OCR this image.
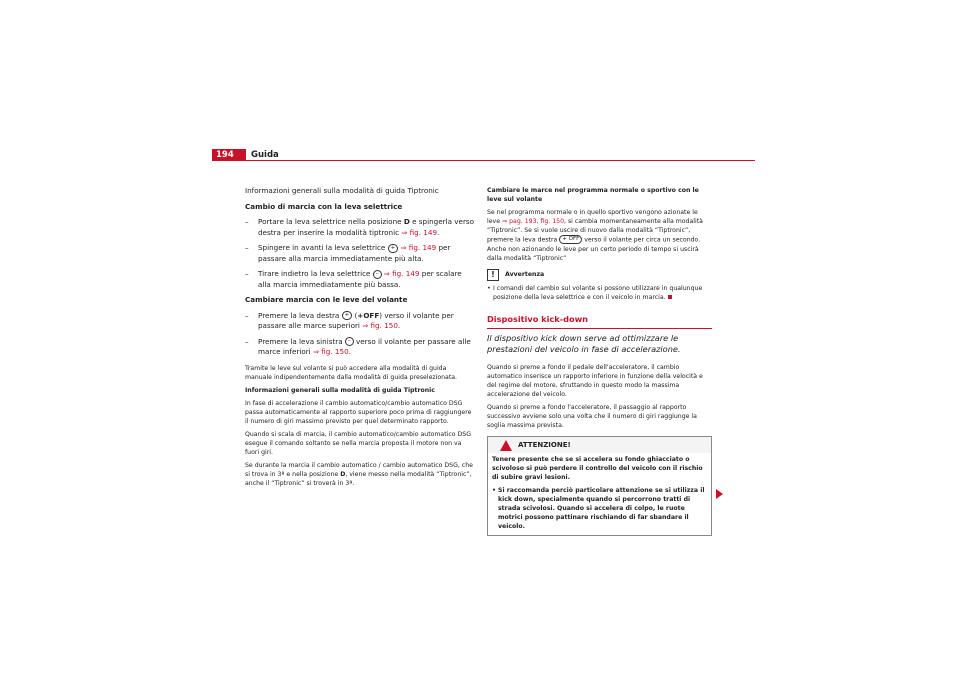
194	Guida

Informazioni generali sulla modalità di guida Tiptronic

Cambio di marcia con la leva selettrice

– Portare la leva selettrice nella posizione D e spingerla verso destra per inserire la modalità tiptronic ⇒ fig. 149.

– Spingere in avanti la leva selettrice + ⇒ fig. 149 per passare alla marcia immediatamente più alta.

– Tirare indietro la leva selettrice – ⇒ fig. 149 per scalare alla marcia immediatamente più bassa.

Cambiare marcia con le leve del volante

– Premere la leva destra + (+OFF) verso il volante per passare alle marce superiori ⇒ fig. 150.

– Premere la leva sinistra – verso il volante per passare alle marce inferiori ⇒ fig. 150.

Tramite le leve sul volante si può accedere alla modalità di guida manuale indipendentemente dalla modalità di guida preselezionata.

Informazioni generali sulla modalità di guida Tiptronic

In fase di accelerazione il cambio automatico/cambio automatico DSG passa automaticamente al rapporto superiore poco prima di raggiungere il numero di giri massimo previsto per quel determinato rapporto.

Quando si scala di marcia, il cambio automatico/cambio automatico DSG esegue il comando soltanto se nella marcia proposta il motore non va fuori giri.

Se durante la marcia il cambio automatico / cambio automatico DSG, che si trova in 3ª e nella posizione D, viene messo nella modalità “Tiptronic”, anche il “Tiptronic” si troverà in 3ª.

Cambiare le marce nel programma normale o sportivo con le leve sul volante

Se nel programma normale o in quello sportivo vengono azionate le leve ⇒ pag. 193, fig. 150, si cambia momentaneamente alla modalità “Tiptronic”. Se si vuole uscire di nuovo dalla modalità “Tiptronic”, premere la leva destra + OFF verso il volante per circa un secondo. Anche non azionando le leve per un certo periodo di tempo si uscirà dalla modalità “Tiptronic”

!	Avvertenza

• I comandi del cambio sul volante si possono utilizzare in qualunque posizione della leva selettrice e con il veicolo in marcia.

Dispositivo kick-down

Il dispositivo kick down serve ad ottimizzare le prestazioni del veicolo in fase di accelerazione.

Quando si preme a fondo il pedale dell'acceleratore, il cambio automatico inserisce un rapporto inferiore in funzione della velocità e del regime del motore, sfruttando in questo modo la massima accelerazione del veicolo.

Quando si preme a fondo l'acceleratore, il passaggio al rapporto successivo avviene solo una volta che il numero di giri raggiunge la soglia massima prevista.

ATTENZIONE!

Tenere presente che se si accelera su fondo ghiacciato o scivoloso si può perdere il controllo del veicolo con il rischio di subire gravi lesioni.

• Si raccomanda perciò particolare attenzione se si utilizza il kick down, specialmente quando si percorrono tratti di strada scivolosi. Quando si accelera di colpo, le ruote motrici possono pattinare rischiando di far sbandare il veicolo.
